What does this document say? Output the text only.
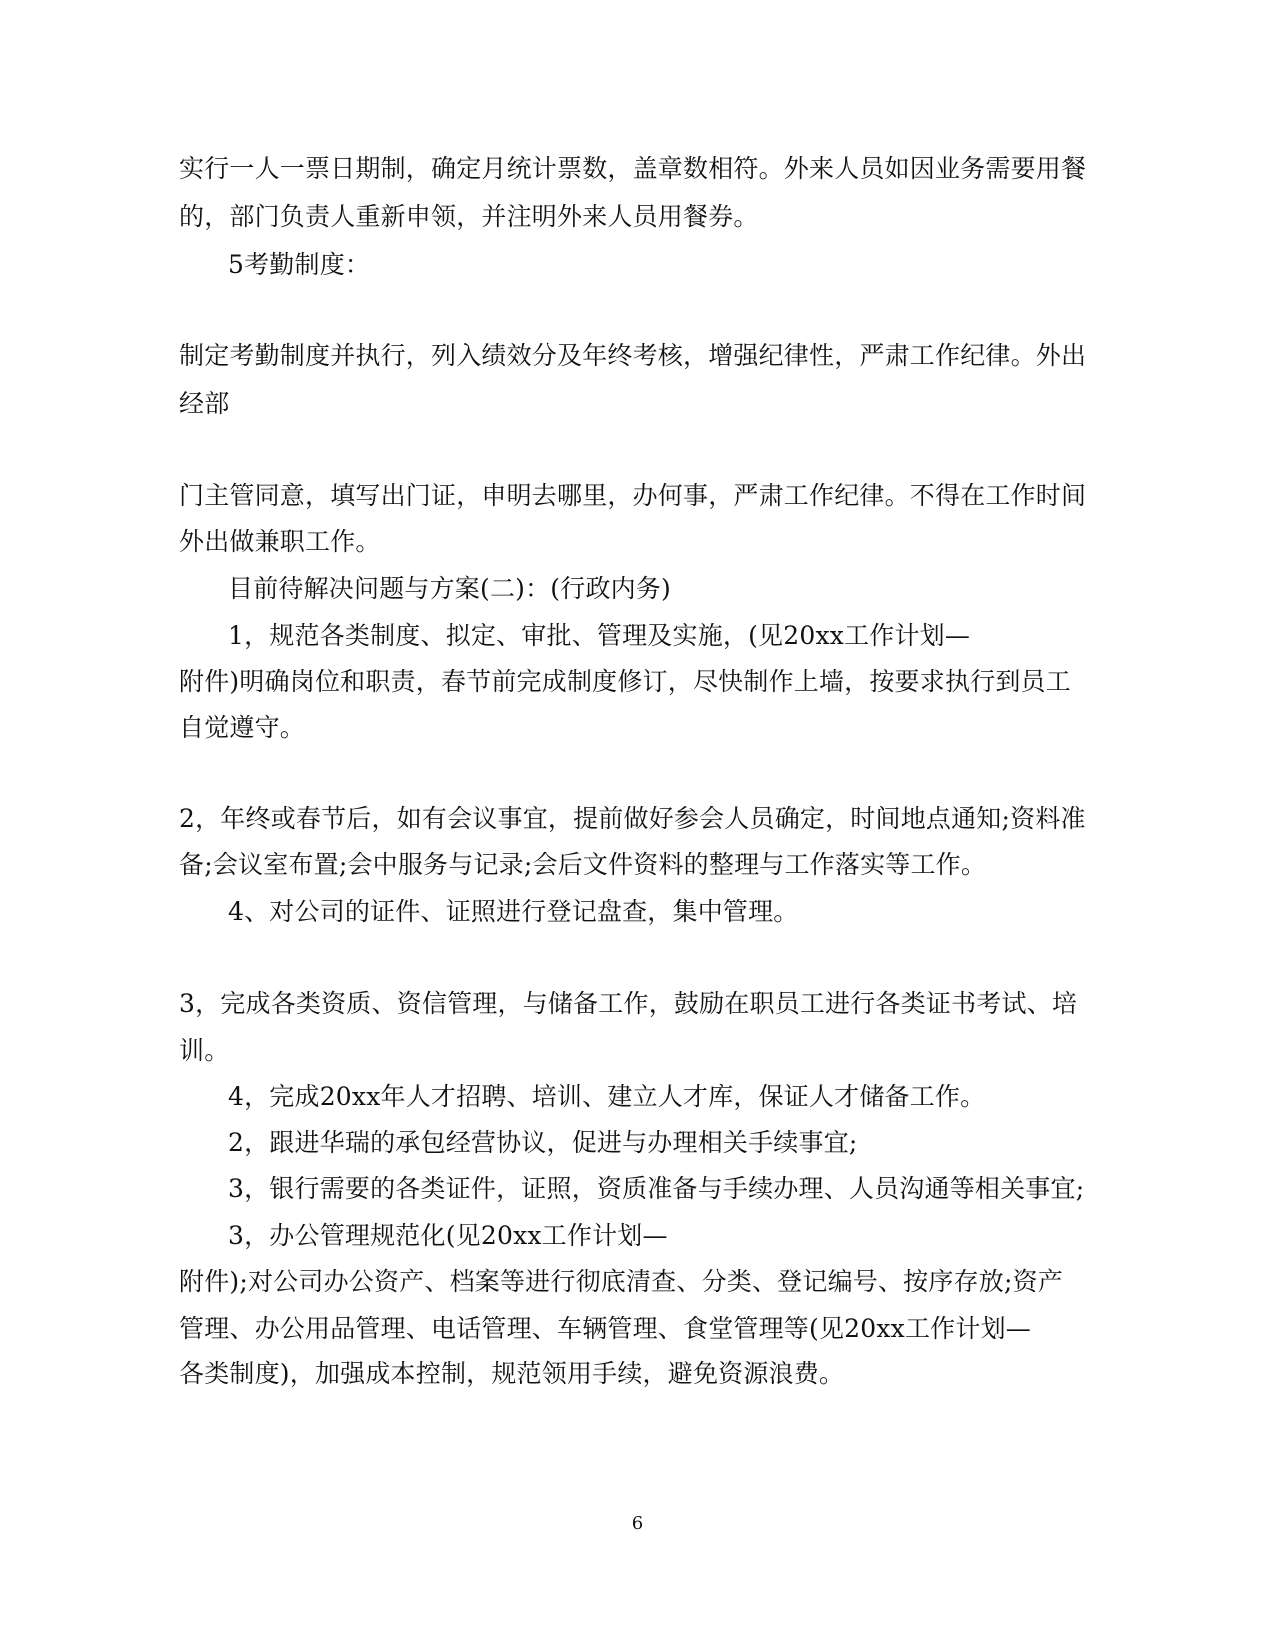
实行一人一票日期制，确定月统计票数，盖章数相符。外来人员如因业务需要用餐
的，部门负责人重新申领，并注明外来人员用餐券。
5考勤制度：
制定考勤制度并执行，列入绩效分及年终考核，增强纪律性，严肃工作纪律。外出
经部
门主管同意，填写出门证，申明去哪里，办何事，严肃工作纪律。不得在工作时间
外出做兼职工作。
目前待解决问题与方案(二)：(行政内务)
1，规范各类制度、拟定、审批、管理及实施，(见20xx工作计划—
附件)明确岗位和职责，春节前完成制度修订，尽快制作上墙，按要求执行到员工
自觉遵守。
2，年终或春节后，如有会议事宜，提前做好参会人员确定，时间地点通知;资料准
备;会议室布置;会中服务与记录;会后文件资料的整理与工作落实等工作。
4、对公司的证件、证照进行登记盘查，集中管理。
3，完成各类资质、资信管理，与储备工作，鼓励在职员工进行各类证书考试、培
训。
4，完成20xx年人才招聘、培训、建立人才库，保证人才储备工作。
2，跟进华瑞的承包经营协议，促进与办理相关手续事宜;
3，银行需要的各类证件，证照，资质准备与手续办理、人员沟通等相关事宜;
3，办公管理规范化(见20xx工作计划—
附件);对公司办公资产、档案等进行彻底清查、分类、登记编号、按序存放;资产
管理、办公用品管理、电话管理、车辆管理、食堂管理等(见20xx工作计划—
各类制度)，加强成本控制，规范领用手续，避免资源浪费。
6
